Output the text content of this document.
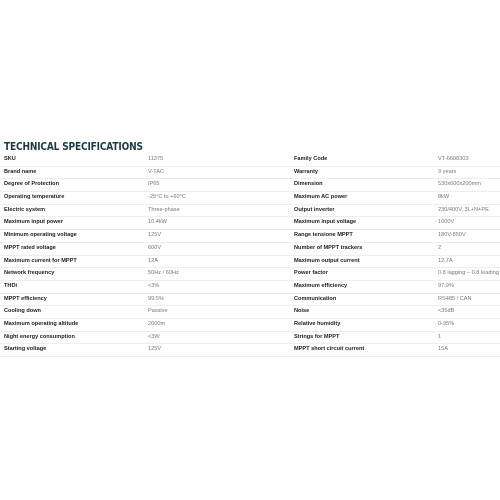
TECHNICAL SPECIFICATIONS
SKU	11375	Family Code	VT-6608303
Brand name	V-TAC	Warranty	3 years
Degree of Protection	IP65	Dimension	530x600x200mm
Operating temperature	-25°C to +60°C	Maximum AC power	8kW
Electric system	Three-phase	Output inverter	230/400V, 3L+N+PE
Maximum input power	10.4kW	Maximum input voltage	1000V
Minimum operating voltage	125V	Range tensione MPPT	180V-850V
MPPT rated voltage	600V	Number of MPPT trackers	2
Maximum current for MPPT	12A	Maximum output current	12.7A
Network frequency	50Hz / 60Hz	Power factor	0.8 lagging – 0.8 leading
THDi	<3%	Maximum efficiency	97.9%
MPPT efficiency	99.5%	Communication	RS485 / CAN
Cooling down	Passive	Noise	<35dB
Maximum operating altitude	2000m	Relative humidity	0-95%
Night energy consumption	<3W	Strings for MPPT	1
Starting voltage	125V	MPPT short circuit current	15A
